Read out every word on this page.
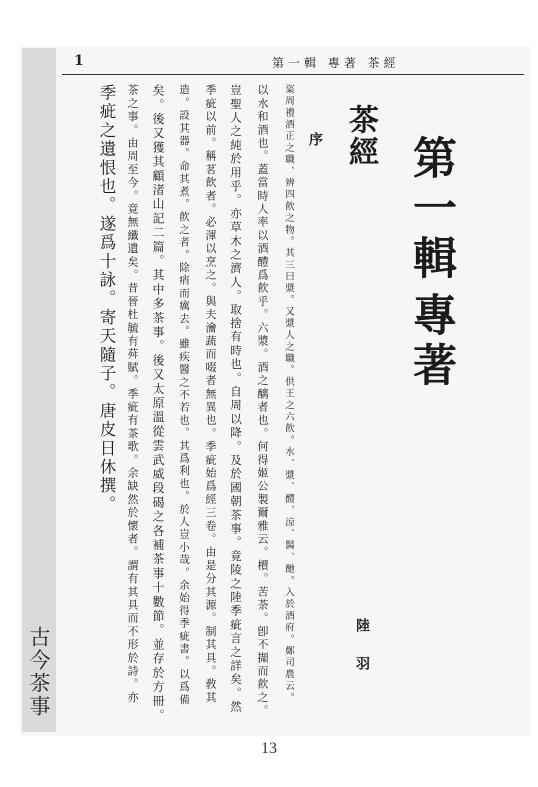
古今茶事
1	第一輯 專著 茶經
第一輯
專著
茶經
序
陸羽
粢周禮酒正之職、辨四飮之物。其三曰漿。又漿人之職。供王之六飮。水、漿、醴、涼、醫、酏。入於酒府。鄭司農云。
以水和酒也。蓋當時人率以酒醴爲飮乎。六漿。酒之醨者也。何得姬公製爾雅云。檟。苦荼。卽不擷而飮之。
豈聖人之純於用乎。亦草木之濟人。取捨有時也。自周以降。及於國朝茶事。竟陵之陸季疵言之詳矣。然
季疵以前。稱茗飮者。必渾以烹之。與夫瀹蔬而啜者無異也。季疵始爲經三卷。由是分其源。制其具。敎其
造。設其器。命其煮。飮之者。除痟而癘去。雖疾醫之不若也。其爲利也。於人豈小哉。余始得季疵書。以爲備
矣。後又獲其顧渚山記二篇。其中多茶事。後又太原溫從雲武威段碣之各補茶事十數節。並存於方冊。
茶之事。由周至今。竟無纖遺矣。昔晉杜毓有荈賦。季疵有茶歌。余缺然於懷者。謂有其具而不形於詩。亦
季疵之遺恨也。遂爲十詠。寄天隨子。唐皮日休撰。
13
